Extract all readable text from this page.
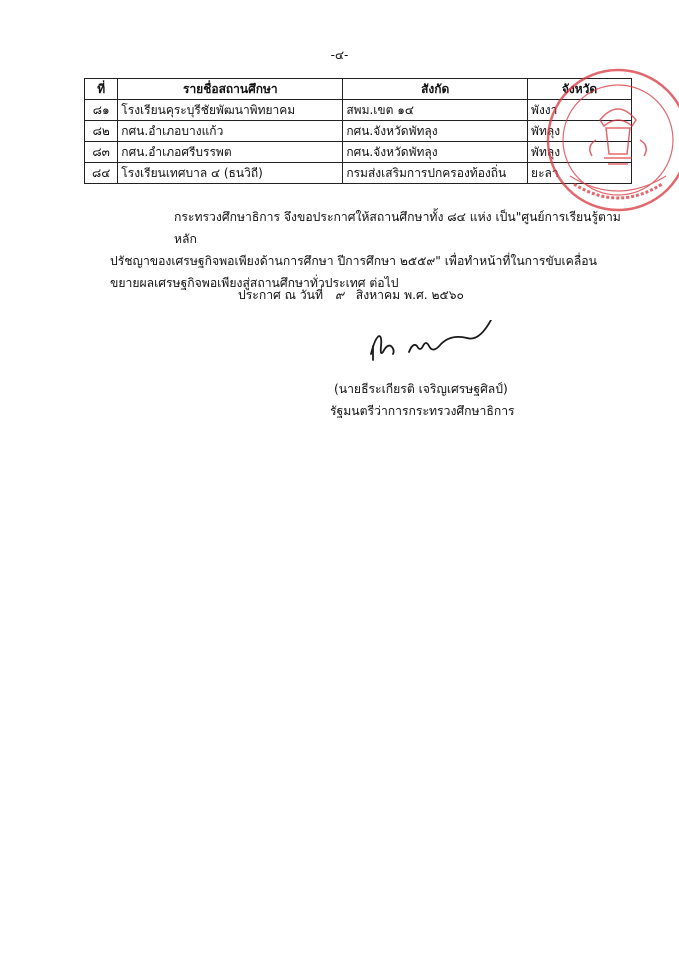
-๔-
ที่	รายชื่อสถานศึกษา	สังกัด	จังหวัด
๘๑	โรงเรียนคุระบุรีชัยพัฒนาพิทยาคม	สพม.เขต ๑๔	พังงา
๘๒	กศน.อำเภอบางแก้ว	กศน.จังหวัดพัทลุง	พัทลุง
๘๓	กศน.อำเภอศรีบรรพต	กศน.จังหวัดพัทลุง	พัทลุง
๘๔	โรงเรียนเทศบาล ๔ (ธนวิถี)	กรมส่งเสริมการปกครองท้องถิ่น	ยะลา
กระทรวงศึกษาธิการ จึงขอประกาศให้สถานศึกษาทั้ง ๘๔ แห่ง เป็น"ศูนย์การเรียนรู้ตามหลัก
ปรัชญาของเศรษฐกิจพอเพียงด้านการศึกษา ปีการศึกษา ๒๕๕๙" เพื่อทำหน้าที่ในการขับเคลื่อน
ขยายผลเศรษฐกิจพอเพียงสู่สถานศึกษาทั่วประเทศ ต่อไป
ประกาศ ณ วันที่ ๙ สิงหาคม พ.ศ. ๒๕๖๐
(นายธีระเกียรติ เจริญเศรษฐศิลป์)
รัฐมนตรีว่าการกระทรวงศึกษาธิการ
